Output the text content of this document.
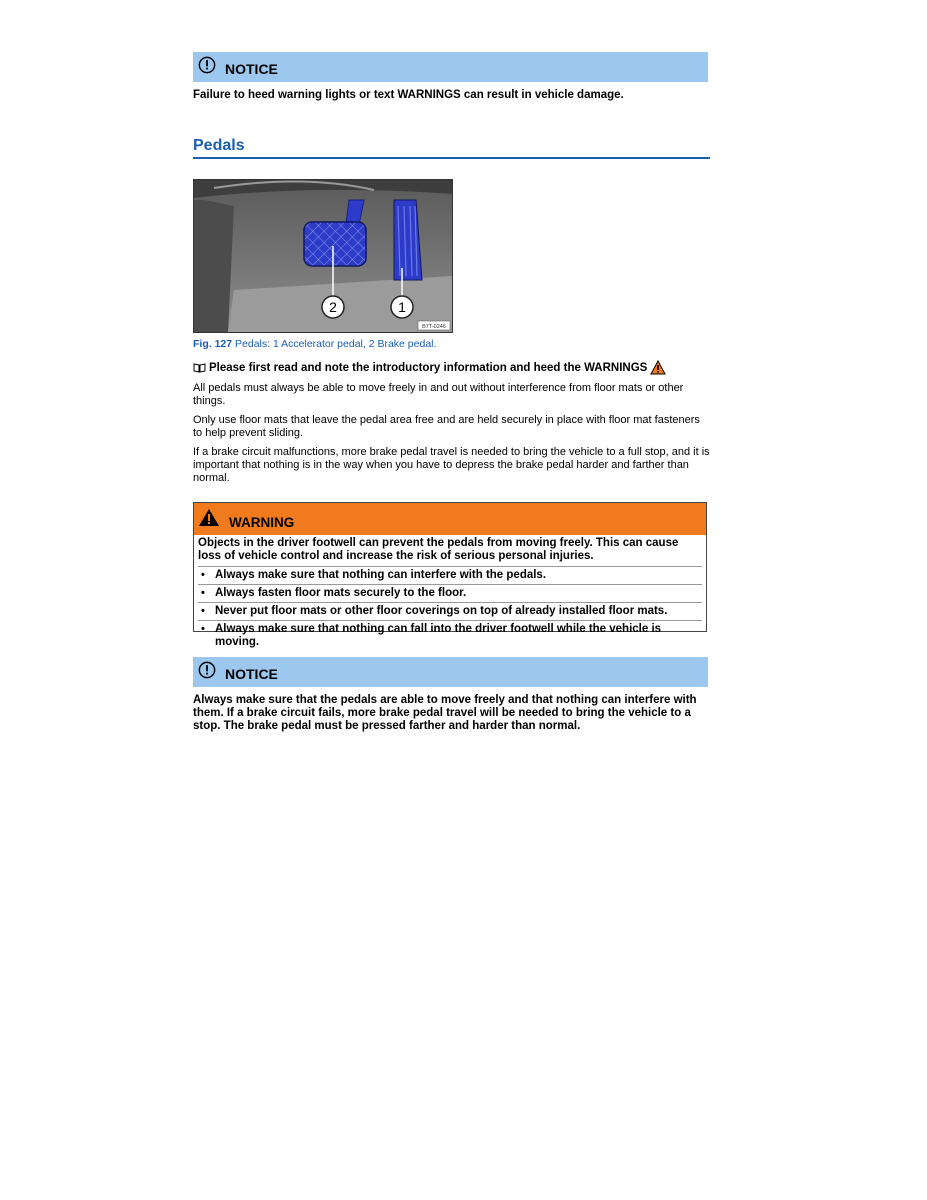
NOTICE
Failure to heed warning lights or text WARNINGS can result in vehicle damage.
Pedals
2	1
B7T-0246
Fig. 127 Pedals: 1 Accelerator pedal, 2 Brake pedal.
Please first read and note the introductory information and heed the WARNINGS
All pedals must always be able to move freely in and out without interference from floor mats or other things.
Only use floor mats that leave the pedal area free and are held securely in place with floor mat fasteners to help prevent sliding.
If a brake circuit malfunctions, more brake pedal travel is needed to bring the vehicle to a full stop, and it is important that nothing is in the way when you have to depress the brake pedal harder and farther than normal.
WARNING
Objects in the driver footwell can prevent the pedals from moving freely. This can cause loss of vehicle control and increase the risk of serious personal injuries.
• Always make sure that nothing can interfere with the pedals.
• Always fasten floor mats securely to the floor.
• Never put floor mats or other floor coverings on top of already installed floor mats.
• Always make sure that nothing can fall into the driver footwell while the vehicle is moving.
NOTICE
Always make sure that the pedals are able to move freely and that nothing can interfere with them. If a brake circuit fails, more brake pedal travel will be needed to bring the vehicle to a stop. The brake pedal must be pressed farther and harder than normal.
